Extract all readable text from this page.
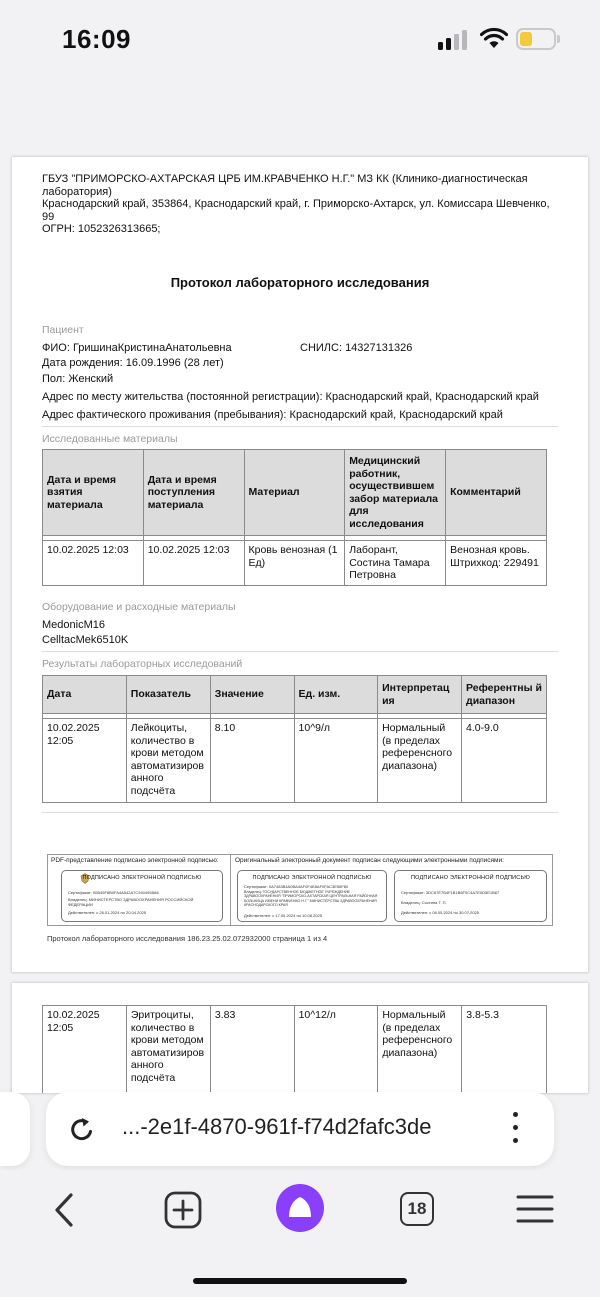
16:09
ГБУЗ "ПРИМОРСКО-АХТАРСКАЯ ЦРБ ИМ.КРАВЧЕНКО Н.Г." МЗ КК (Клинико-диагностическая
лаборатория)
Краснодарский край, 353864, Краснодарский край, г. Приморско-Ахтарск, ул. Комиссара Шевченко,
99
ОГРН: 1052326313665;
Протокол лабораторного исследования
Пациент
ФИО: ГришинаКристинаАнатольевна	СНИЛС: 14327131326
Дата рождения: 16.09.1996 (28 лет)
Пол: Женский
Адрес по месту жительства (постоянной регистрации): Краснодарский край, Краснодарский край
Адрес фактического проживания (пребывания): Краснодарский край, Краснодарский край
Исследованные материалы
Дата и время взятия материала	Дата и время поступления материала	Материал	Медицинский работник, осуществившем забор материала для исследования	Комментарий

10.02.2025 12:03	10.02.2025 12:03	Кровь венозная (1 Ед)	Лаборант, Состина Тамара Петровна	Венозная кровь. Штрихкод: 229491
Оборудование и расходные материалы
MedonicM16
CelltacMek6510K
Результаты лабораторных исследований
Дата	Показатель	Значение	Ед. изм.	Интерпретац ия	Референтны й диапазон

10.02.2025 12:05	Лейкоциты, количество в крови методом автоматизиров анного подсчёта	8.10	10^9/л	Нормальный (в пределах референсного диапазона)	4.0-9.0
PDF-представление подписано электронной подписью:	Оригинальный электронный документ подписан следующими электронными подписями:
ПОДПИСАНО ЭЛЕКТРОННОЙ ПОДПИСЬЮ
Сертификат: 00B45F8B0FA4A542A7C9404958A6
Владелец: МИНИСТЕРСТВО ЗДРАВООХРАНЕНИЯ РОССИЙСКОЙ ФЕДЕРАЦИИ
Действителен: с 26.01.2024 по 20.04.2025
ПОДПИСАНО ЭЛЕКТРОННОЙ ПОДПИСЬЮ
Сертификат: 0A7483B4A0BA4AF0F4E8AF0FAC3E56F80
Владелец: ГОСУДАРСТВЕННОЕ БЮДЖЕТНОЕ УЧРЕЖДЕНИЕ ЗДРАВООХРАНЕНИЯ "ПРИМОРСКО-АХТАРСКАЯ ЦЕНТРАЛЬНАЯ РАЙОННАЯ БОЛЬНИЦА ИМЕНИ КРАВЧЕНКО Н.Г." МИНИСТЕРСТВА ЗДРАВООХРАНЕНИЯ КРАСНОДАРСКОГО КРАЯ
Действителен: с 17.05.2024 по 10.08.2025
ПОДПИСАНО ЭЛЕКТРОННОЙ ПОДПИСЬЮ
Сертификат: 3DC67E7B4F1B1B6F0C4A7E0D5E1B67
Владелец: Состина Т. П.
Действителен: с 06.05.2024 по 30.07.2025
Протокол лабораторного исследования 186.23.25.02.072932000 страница 1 из 4
10.02.2025 12:05	Эритроциты, количество в крови методом автоматизиров анного подсчёта	3.83	10^12/л	Нормальный (в пределах референсного диапазона)	3.8-5.3
...-2e1f-4870-961f-f74d2fafc3de
18
